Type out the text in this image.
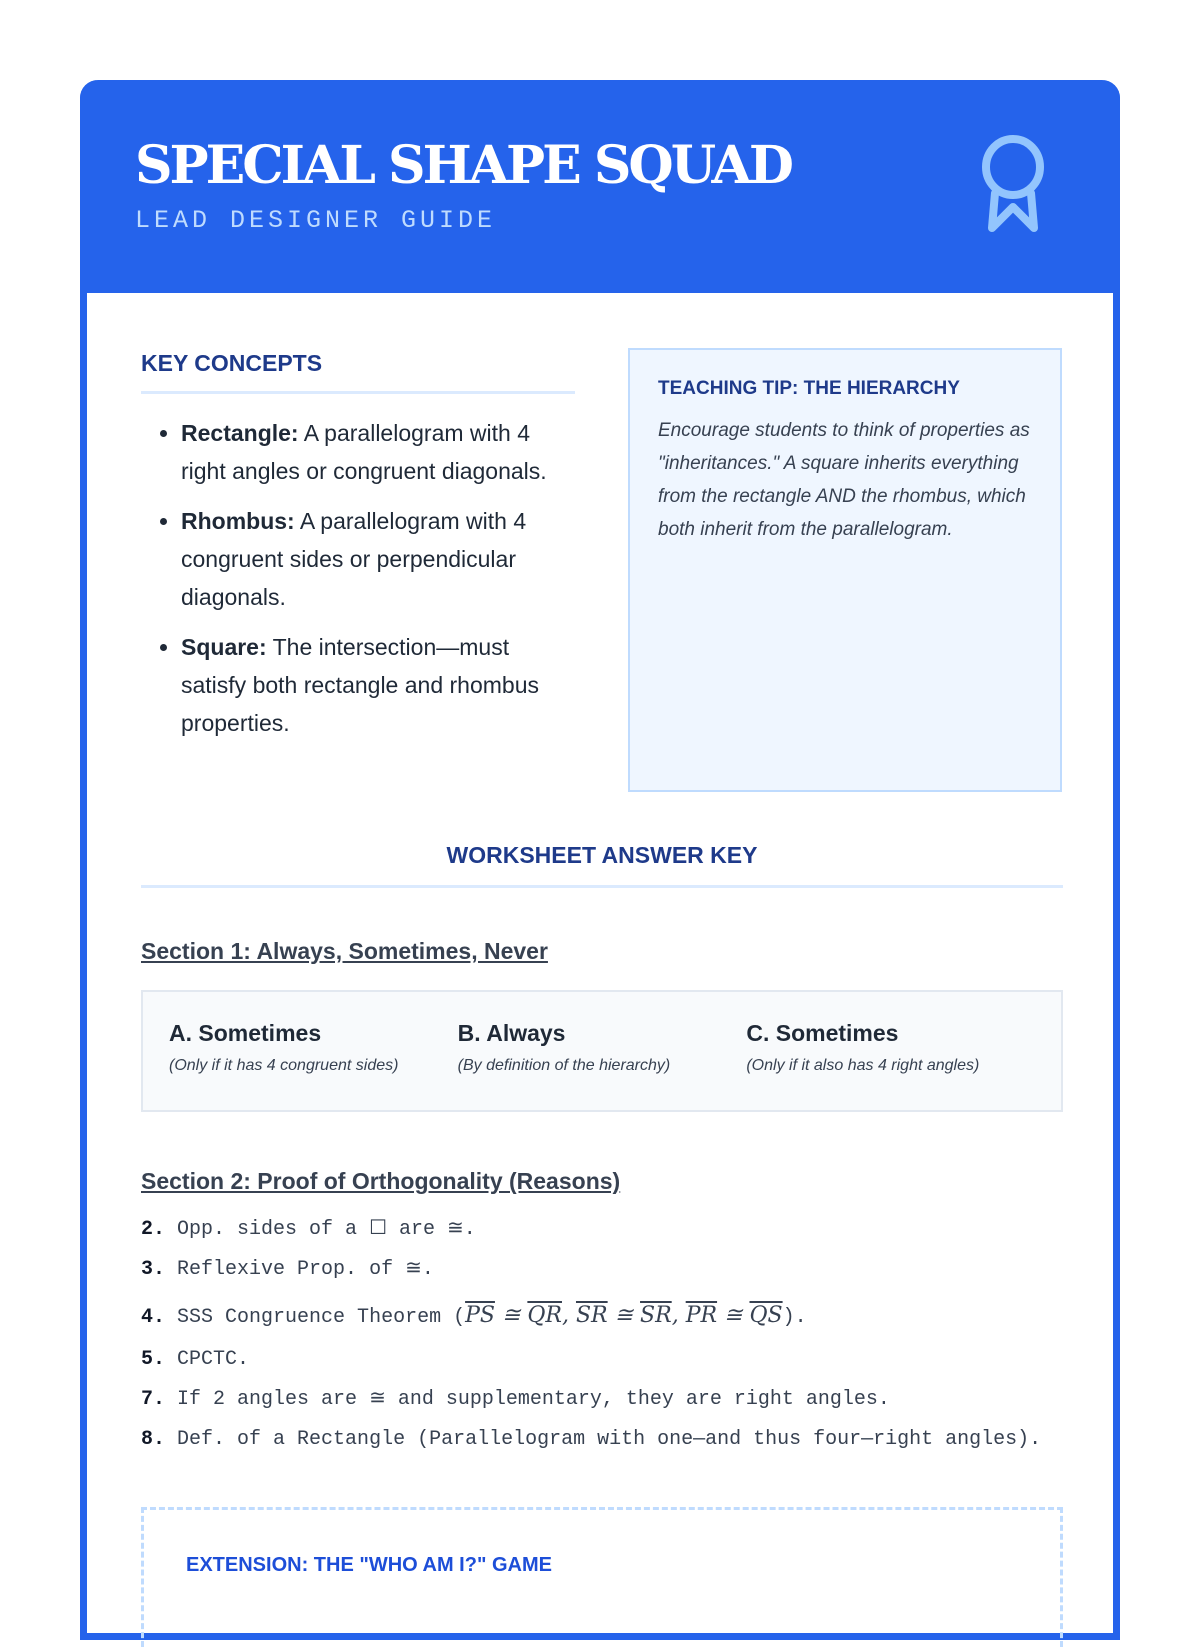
SPECIAL SHAPE SQUAD
LEAD DESIGNER GUIDE
KEY CONCEPTS
• Rectangle: A parallelogram with 4 right angles or congruent diagonals.
• Rhombus: A parallelogram with 4 congruent sides or perpendicular diagonals.
• Square: The intersection—must satisfy both rectangle and rhombus properties.
TEACHING TIP: THE HIERARCHY

Encourage students to think of properties as "inheritances." A square inherits everything from the rectangle AND the rhombus, which both inherit from the parallelogram.

WORKSHEET ANSWER KEY
Section 1: Always, Sometimes, Never
A. Sometimes
(Only if it has 4 congruent sides)
B. Always
(By definition of the hierarchy)
C. Sometimes
(Only if it also has 4 right angles)
Section 2: Proof of Orthogonality (Reasons)
2. Opp. sides of a ☐ are ≅.
3. Reflexive Prop. of ≅.
4. SSS Congruence Theorem ($\overline{PS}$ ≅ $\overline{QR}$, $\overline{SR}$ ≅ $\overline{SR}$, $\overline{PR}$ ≅ $\overline{QS}$).
5. CPCTC.
7. If 2 angles are ≅ and supplementary, they are right angles.
8. Def. of a Rectangle (Parallelogram with one—and thus four—right angles).
EXTENSION: THE "WHO AM I?" GAME
